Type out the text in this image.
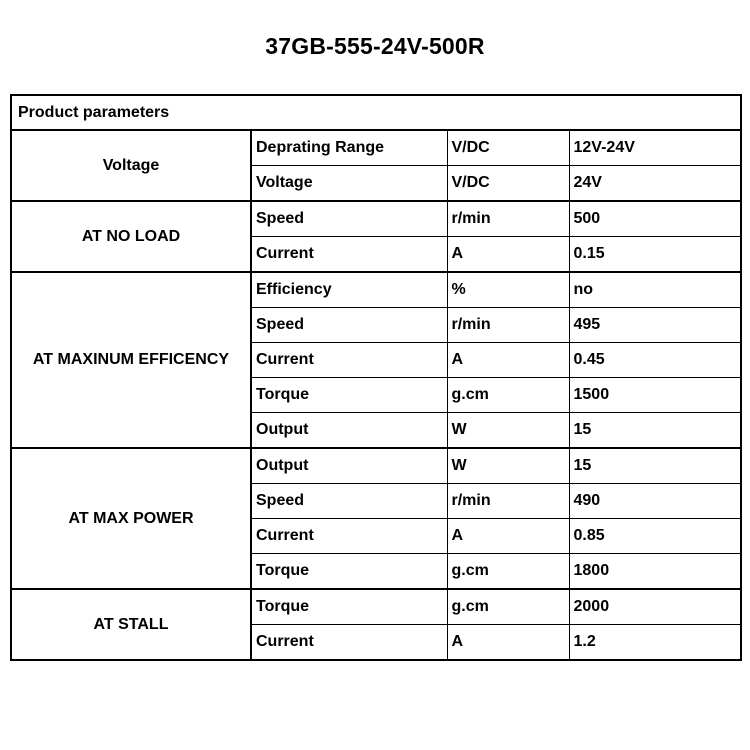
37GB-555-24V-500R
Product parameters			
Voltage	Deprating Range	V/DC	12V-24V
	Voltage	V/DC	24V
AT NO LOAD	Speed	r/min	500
	Current	A	0.15
AT MAXINUM EFFICENCY	Efficiency	%	no
	Speed	r/min	495
	Current	A	0.45
	Torque	g.cm	1500
	Output	W	15
AT MAX POWER	Output	W	15
	Speed	r/min	490
	Current	A	0.85
	Torque	g.cm	1800
AT STALL	Torque	g.cm	2000
	Current	A	1.2
